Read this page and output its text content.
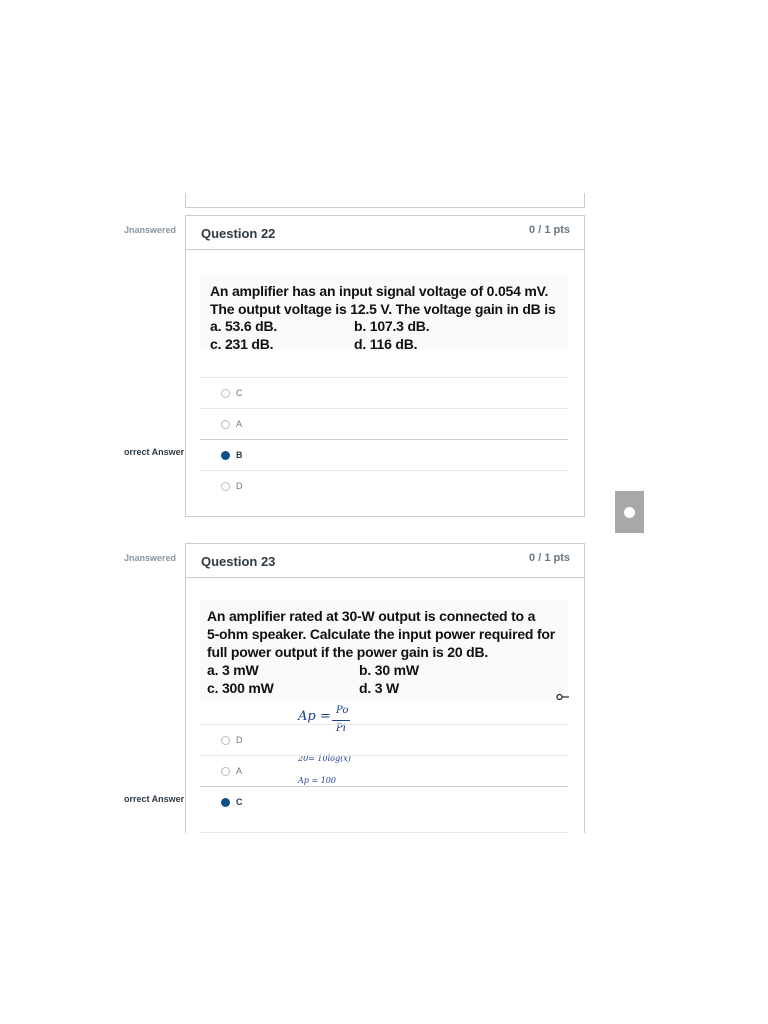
Jnanswered Question 22	0 / 1 pts
An amplifier has an input signal voltage of 0.054 mV.
The output voltage is 12.5 V. The voltage gain in dB is
a. 53.6 dB.	b. 107.3 dB.
c. 231 dB.	d. 116 dB.
C
A
orrect Answer	B
D
Jnanswered Question 23	0 / 1 pts
An amplifier rated at 30-W output is connected to a
5-ohm speaker. Calculate the input power required for
full power output if the power gain is 20 dB.
a. 3 mW	b. 30 mW
c. 300 mW	d. 3 W
Ap = Po
Pi
20= 10log(x)
Ap = 100
D
A
orrect Answer	C
